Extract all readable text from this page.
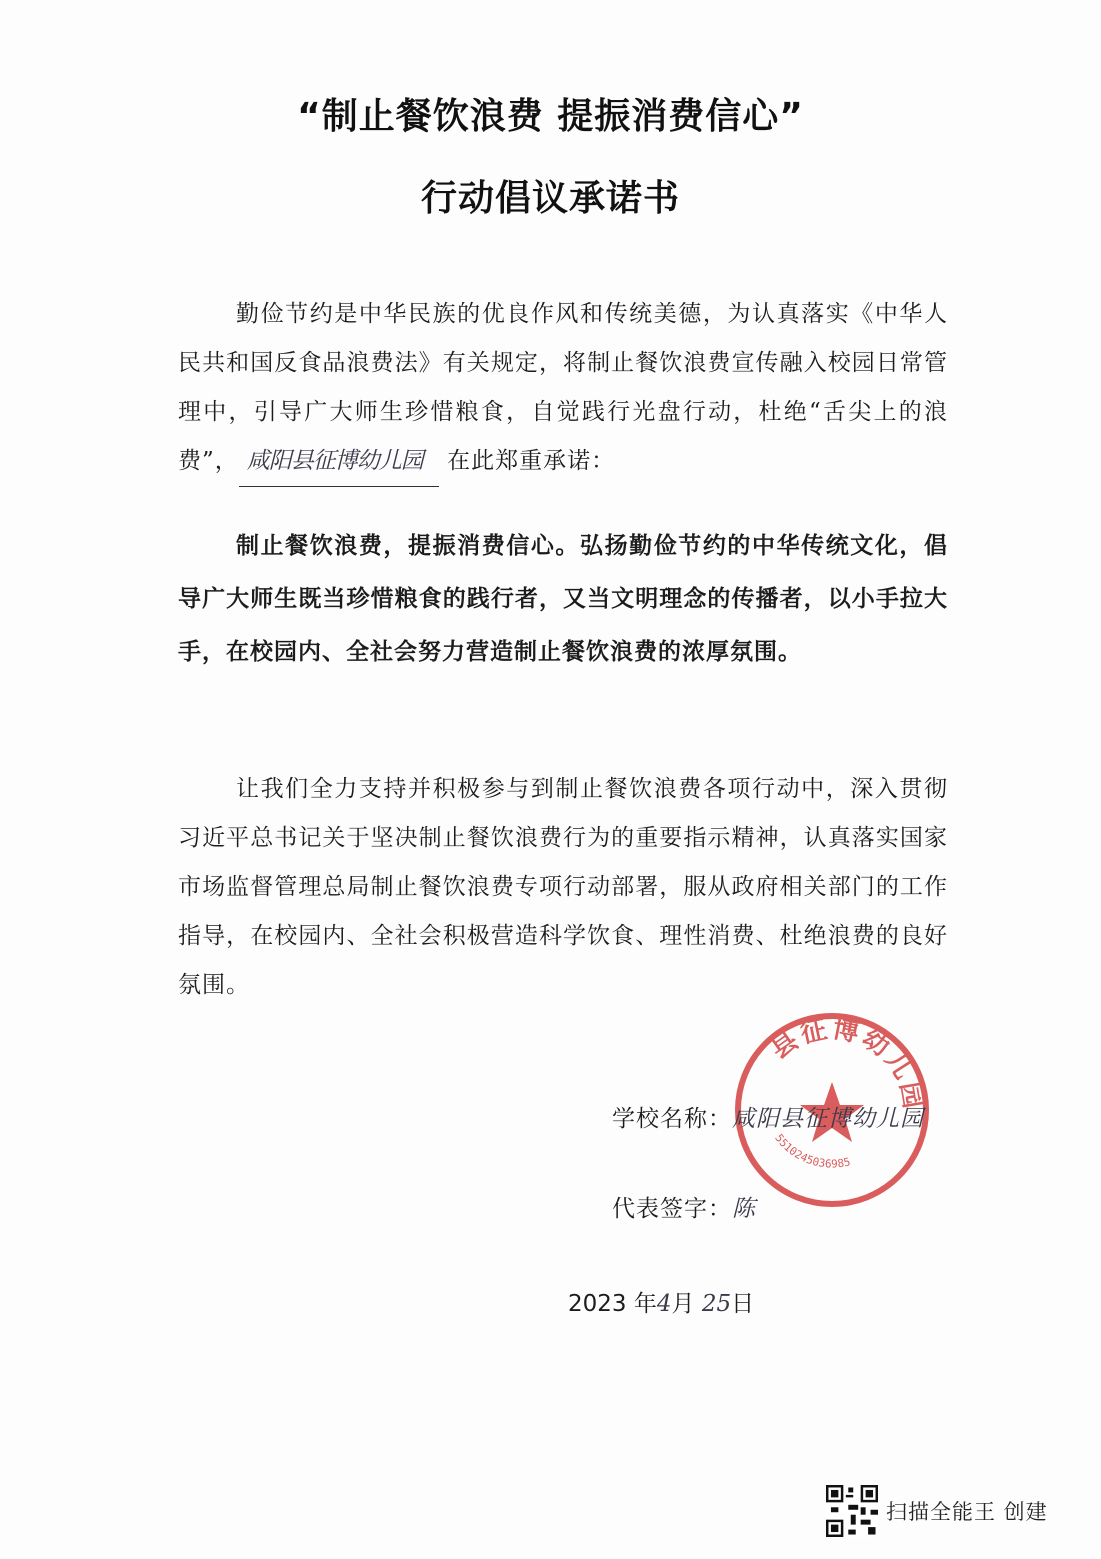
“制止餐饮浪费 提振消费信心”
行动倡议承诺书
勤俭节约是中华民族的优良作风和传统美德，为认真落实《中华人民共和国反食品浪费法》有关规定，将制止餐饮浪费宣传融入校园日常管理中，引导广大师生珍惜粮食，自觉践行光盘行动，杜绝“舌尖上的浪费”， 咸阳县征博幼儿园 在此郑重承诺：
制止餐饮浪费，提振消费信心。弘扬勤俭节约的中华传统文化，倡导广大师生既当珍惜粮食的践行者，又当文明理念的传播者，以小手拉大手，在校园内、全社会努力营造制止餐饮浪费的浓厚氛围。
让我们全力支持并积极参与到制止餐饮浪费各项行动中，深入贯彻习近平总书记关于坚决制止餐饮浪费行为的重要指示精神，认真落实国家市场监督管理总局制止餐饮浪费专项行动部署，服从政府相关部门的工作指导，在校园内、全社会积极营造科学饮食、理性消费、杜绝浪费的良好氛围。
县征博幼儿园
5510245036985
学校名称：咸阳县征博幼儿园
代表签字：陈
2023 年4月 25日
扫描全能王 创建
